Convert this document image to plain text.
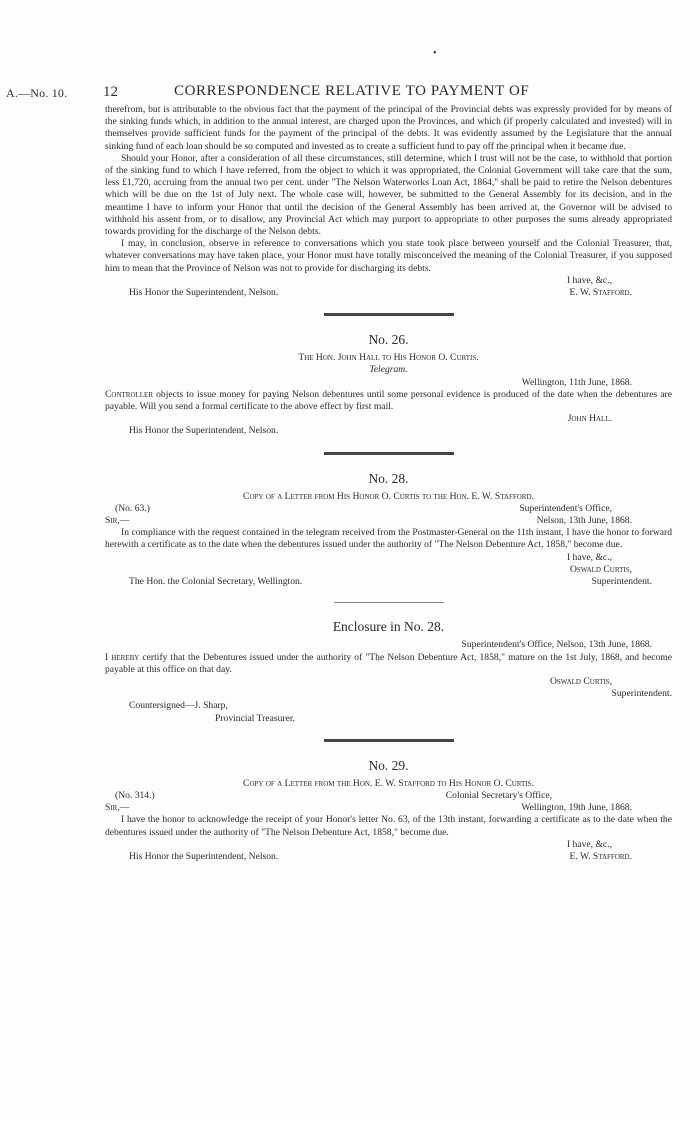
•
A.—No. 10. 12	CORRESPONDENCE RELATIVE TO PAYMENT OF

therefrom, but is attributable to the obvious fact that the payment of the principal of the Provincial debts was expressly provided for by means of the sinking funds which, in addition to the annual interest, are charged upon the Provinces, and which (if properly calculated and invested) will in themselves provide sufficient funds for the payment of the principal of the debts. It was evidently assumed by the Legislature that the annual sinking fund of each loan should be so computed and invested as to create a sufficient fund to pay off the principal when it became due.

Should your Honor, after a consideration of all these circumstances, still determine, which I trust will not be the case, to withhold that portion of the sinking fund to which I have referred, from the object to which it was appropriated, the Colonial Government will take care that the sum, less £1,720, accruing from the annual two per cent. under "The Nelson Waterworks Loan Act, 1864," shall be paid to retire the Nelson debentures which will be due on the 1st of July next. The whole case will, however, be submitted to the General Assembly for its decision, and in the meantime I have to inform your Honor that until the decision of the General Assembly has been arrived at, the Governor will be advised to withhold his assent from, or to disallow, any Provincial Act which may purport to appropriate to other purposes the sums already appropriated towards providing for the discharge of the Nelson debts.

I may, in conclusion, observe in reference to conversations which you state took place between yourself and the Colonial Treasurer, that, whatever conversations may have taken place, your Honor must have totally misconceived the meaning of the Colonial Treasurer, if you supposed him to mean that the Province of Nelson was not to provide for discharging its debts.

I have, &c.,
His Honor the Superintendent, Nelson.	E. W. Stafford.
No. 26.
The Hon. John Hall to His Honor O. Curtis.
Telegram.
Wellington, 11th June, 1868.

Controller objects to issue money for paying Nelson debentures until some personal evidence is produced of the date when the debentures are payable. Will you send a formal certificate to the above effect by first mail.

John Hall.
His Honor the Superintendent, Nelson.
No. 28.
Copy of a Letter from His Honor O. Curtis to the Hon. E. W. Stafford.
(No. 63.)	Superintendent's Office,
Sir,—	Nelson, 13th June, 1868.

In compliance with the request contained in the telegram received from the Postmaster-General on the 11th instant, I have the honor to forward herewith a certificate as to the date when the debentures issued under the authority of "The Nelson Debenture Act, 1858," become due.

I have, &c.,
Oswald Curtis,
The Hon. the Colonial Secretary, Wellington.	Superintendent.
Enclosure in No. 28.
Superintendent's Office, Nelson, 13th June, 1868.

I hereby certify that the Debentures issued under the authority of "The Nelson Debenture Act, 1858," mature on the 1st July, 1868, and become payable at this office on that day.

Oswald Curtis,
Superintendent.
Countersigned—J. Sharp,
Provincial Treasurer.
No. 29.
Copy of a Letter from the Hon. E. W. Stafford to His Honor O. Curtis.
(No. 314.)	Colonial Secretary's Office,
Sir,—	Wellington, 19th June, 1868.

I have the honor to acknowledge the receipt of your Honor's letter No. 63, of the 13th instant, forwarding a certificate as to the date when the debentures issued under the authority of "The Nelson Debenture Act, 1858," become due.

I have, &c.,
His Honor the Superintendent, Nelson.	E. W. Stafford.
